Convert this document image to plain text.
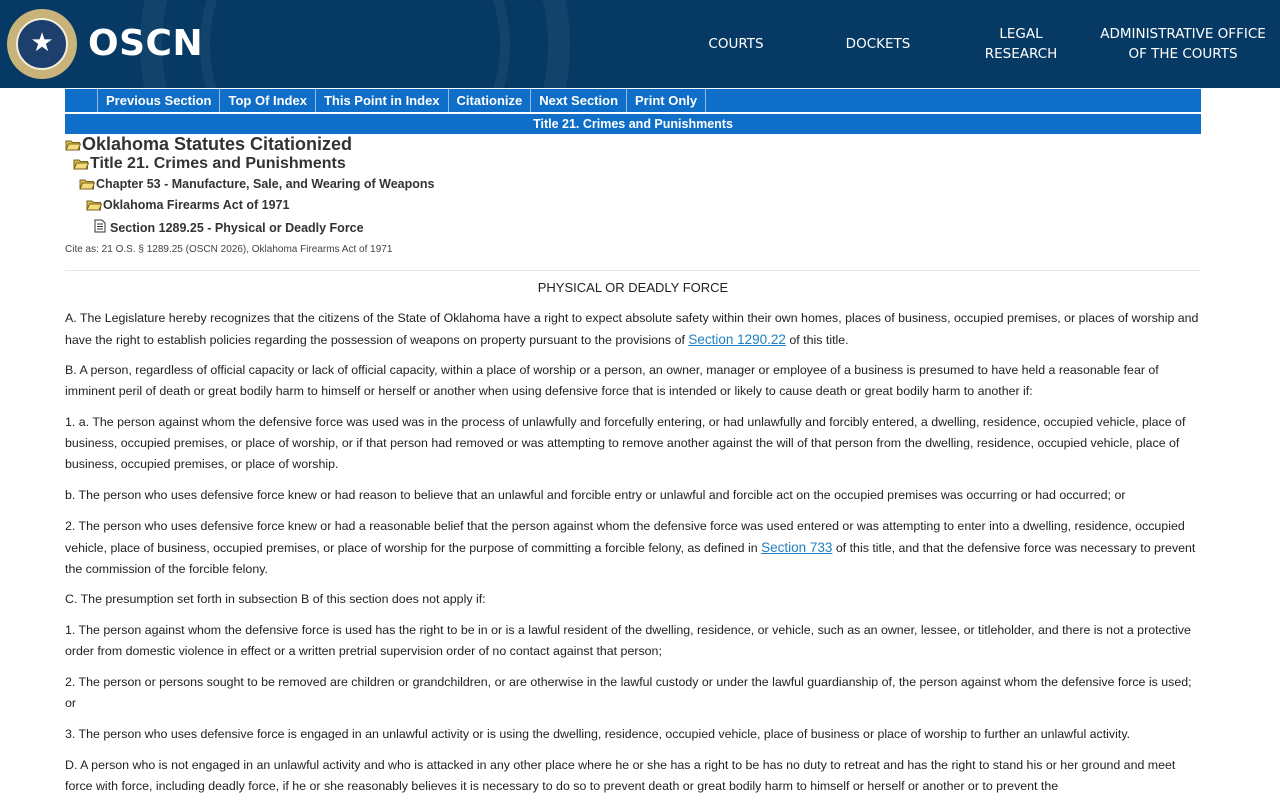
★ OSCN	COURTS	DOCKETS
LEGAL RESEARCH
ADMINISTRATIVE OFFICE OF THE COURTS
Previous Section	Top Of Index	This Point in Index	Citationize	Next Section	Print Only
Title 21. Crimes and Punishments
Oklahoma Statutes Citationized
Title 21. Crimes and Punishments
Chapter 53 - Manufacture, Sale, and Wearing of Weapons
Oklahoma Firearms Act of 1971
Section 1289.25 - Physical or Deadly Force
Cite as: 21 O.S. § 1289.25 (OSCN 2026), Oklahoma Firearms Act of 1971
PHYSICAL OR DEADLY FORCE

A. The Legislature hereby recognizes that the citizens of the State of Oklahoma have a right to expect absolute safety within their own homes, places of business, occupied premises, or places of worship and have the right to establish policies regarding the possession of weapons on property pursuant to the provisions of Section 1290.22 of this title.

B. A person, regardless of official capacity or lack of official capacity, within a place of worship or a person, an owner, manager or employee of a business is presumed to have held a reasonable fear of imminent peril of death or great bodily harm to himself or herself or another when using defensive force that is intended or likely to cause death or great bodily harm to another if:

1. a. The person against whom the defensive force was used was in the process of unlawfully and forcefully entering, or had unlawfully and forcibly entered, a dwelling, residence, occupied vehicle, place of business, occupied premises, or place of worship, or if that person had removed or was attempting to remove another against the will of that person from the dwelling, residence, occupied vehicle, place of business, occupied premises, or place of worship.

b. The person who uses defensive force knew or had reason to believe that an unlawful and forcible entry or unlawful and forcible act on the occupied premises was occurring or had occurred; or

2. The person who uses defensive force knew or had a reasonable belief that the person against whom the defensive force was used entered or was attempting to enter into a dwelling, residence, occupied vehicle, place of business, occupied premises, or place of worship for the purpose of committing a forcible felony, as defined in Section 733 of this title, and that the defensive force was necessary to prevent the commission of the forcible felony.

C. The presumption set forth in subsection B of this section does not apply if:

1. The person against whom the defensive force is used has the right to be in or is a lawful resident of the dwelling, residence, or vehicle, such as an owner, lessee, or titleholder, and there is not a protective order from domestic violence in effect or a written pretrial supervision order of no contact against that person;

2. The person or persons sought to be removed are children or grandchildren, or are otherwise in the lawful custody or under the lawful guardianship of, the person against whom the defensive force is used; or

3. The person who uses defensive force is engaged in an unlawful activity or is using the dwelling, residence, occupied vehicle, place of business or place of worship to further an unlawful activity.

D. A person who is not engaged in an unlawful activity and who is attacked in any other place where he or she has a right to be has no duty to retreat and has the right to stand his or her ground and meet force with force, including deadly force, if he or she reasonably believes it is necessary to do so to prevent death or great bodily harm to himself or herself or another or to prevent the
